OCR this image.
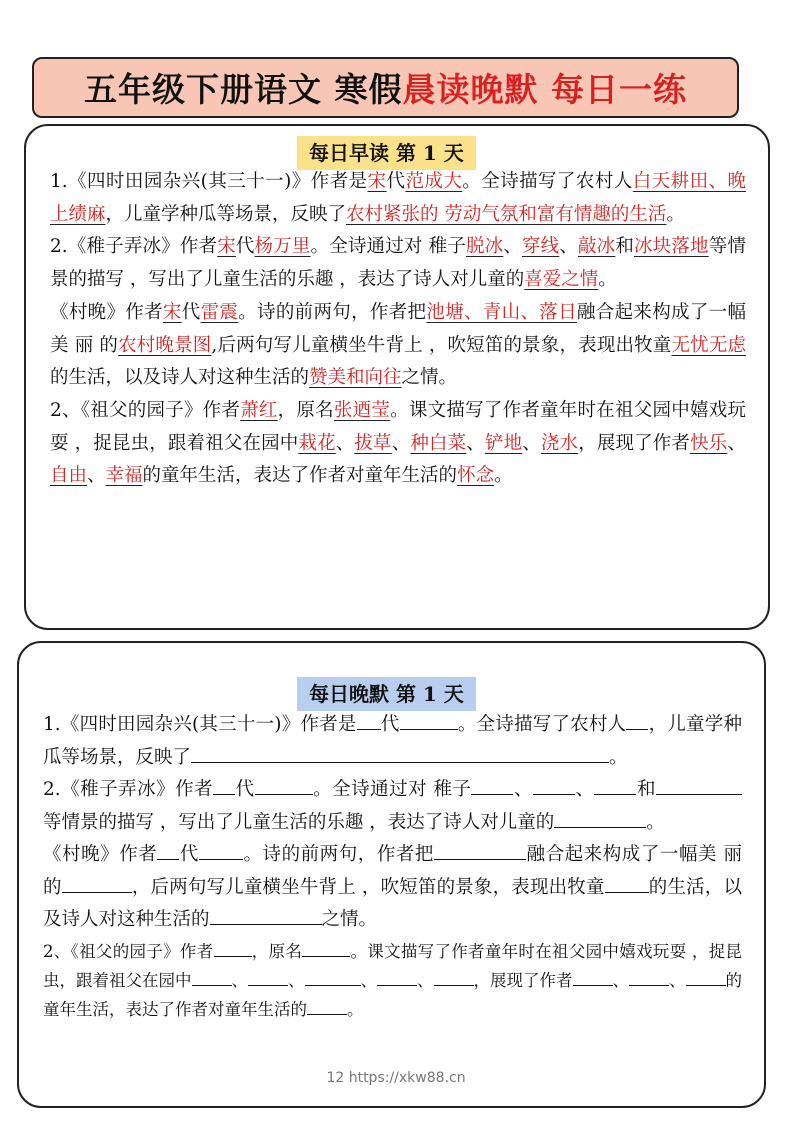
五年级下册语文 寒假 晨读晚默 每日一练
每日早读 第 1 天

1.《四时田园杂兴(其三十一)》作者是宋代范成大。全诗描写了农村人白天耕田、晚上绩麻，儿童学种瓜等场景，反映了农村紧张的 劳动气氛和富有情趣的生活。

2.《稚子弄冰》作者宋代杨万里。全诗通过对 稚子脱冰、穿线、敲冰和冰块落地等情景的描写 ，写出了儿童生活的乐趣 ，表达了诗人对儿童的喜爱之情。

《村晚》作者宋代雷震。诗的前两句，作者把池塘、青山、落日融合起来构成了一幅美 丽 的农村晚景图,后两句写儿童横坐牛背上 ，吹短笛的景象，表现出牧童无忧无虑的生活，以及诗人对这种生活的赞美和向往之情。

2、《祖父的园子》作者萧红，原名张迺莹。课文描写了作者童年时在祖父园中嬉戏玩耍 ，捉昆虫，跟着祖父在园中栽花、拔草、种白菜、铲地、浇水，展现了作者快乐、自由、幸福的童年生活，表达了作者对童年生活的怀念。

每日晚默 第 1 天

1.《四时田园杂兴(其三十一)》作者是 代	。全诗描写了农村人 ，儿童学种瓜等场景，反映了	。

2.《稚子弄冰》作者 代	。全诗通过对 稚子 、 、 和等情景的描写 ，写出了儿童生活的乐趣 ，表达了诗人对儿童的	。

《村晚》作者 代 。诗的前两句，作者把	融合起来构成了一幅美 丽 的	，后两句写儿童横坐牛背上 ，吹短笛的景象，表现出牧童 的生活，以及诗人对这种生活的	之情。

2、《祖父的园子》作者 ，原名	。课文描写了作者童年时在祖父园中嬉戏玩耍 ，捉昆虫，跟着祖父在园中 、 、	、 、 ，展现了作者 、 、 的童年生活，表达了作者对童年生活的 。

12 https://xkw88.cn
